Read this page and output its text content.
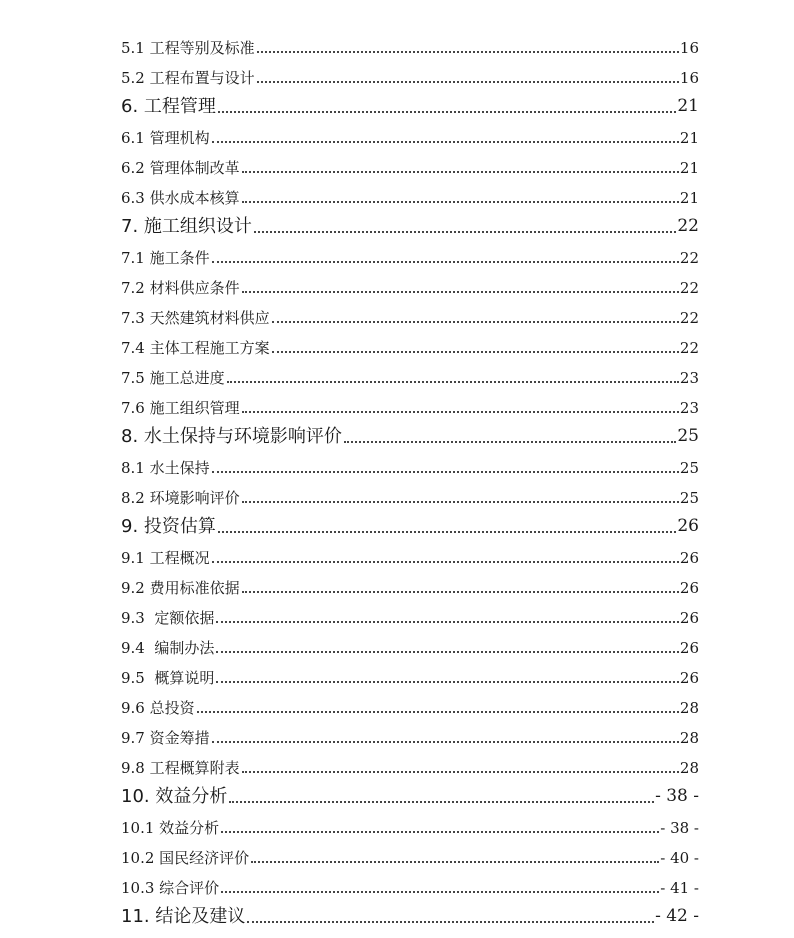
5.1 工程等别及标准	16
5.2 工程布置与设计	16
6. 工程管理	21
6.1 管理机构	21
6.2 管理体制改革	21
6.3 供水成本核算	21
7. 施工组织设计	22
7.1 施工条件	22
7.2 材料供应条件	22
7.3 天然建筑材料供应	22
7.4 主体工程施工方案	22
7.5 施工总进度	23
7.6 施工组织管理	23
8. 水土保持与环境影响评价	25
8.1 水土保持	25
8.2 环境影响评价	25
9. 投资估算	26
9.1 工程概况	26
9.2 费用标准依据	26
9.3  定额依据	26
9.4  编制办法	26
9.5  概算说明	26
9.6 总投资	28
9.7 资金筹措	28
9.8 工程概算附表	28
10. 效益分析	- 38 -
10.1 效益分析	- 38 -
10.2 国民经济评价	- 40 -
10.3 综合评价	- 41 -
11. 结论及建议	- 42 -
